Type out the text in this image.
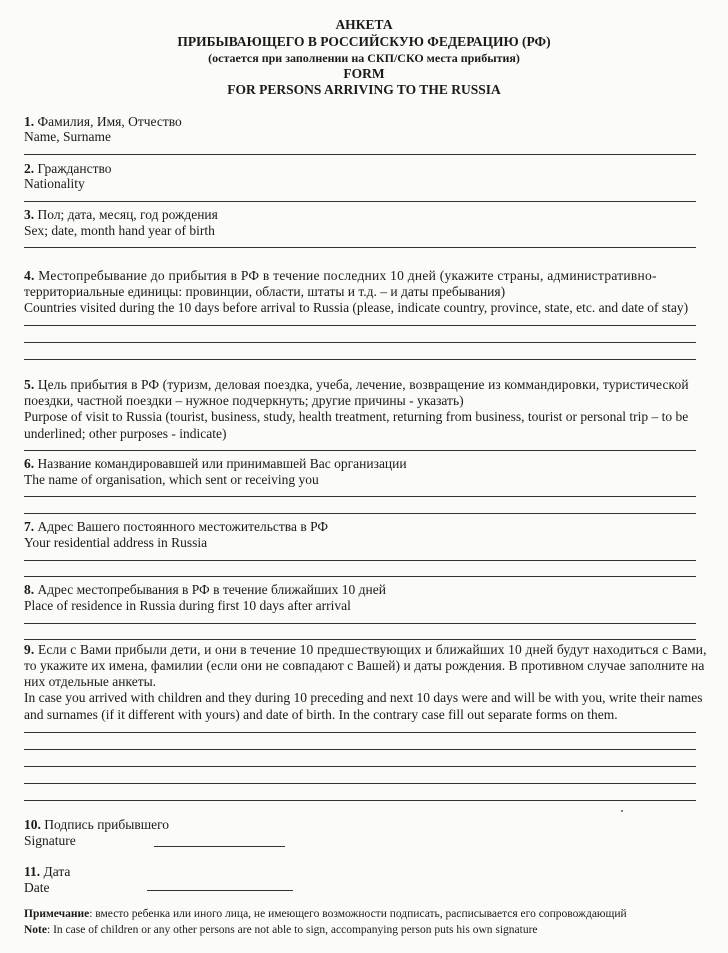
АНКЕТА
ПРИБЫВАЮЩЕГО В РОССИЙСКУЮ ФЕДЕРАЦИЮ (РФ)
(остается при заполнении на СКП/СКО места прибытия)
FORM
FOR PERSONS ARRIVING TO THE RUSSIA
1. Фамилия, Имя, Отчество
Name, Surname
2. Гражданство
Nationality
3. Пол; дата, месяц, год рождения
Sex; date, month hand year of birth
4. Местопребывание до прибытия в РФ в течение последних 10 дней (укажите страны, административно-
территориальные единицы: провинции, области, штаты и т.д. – и даты пребывания)
Countries visited during the 10 days before arrival to Russia (please, indicate country, province, state, etc. and date of stay)
5. Цель прибытия в РФ (туризм, деловая поездка, учеба, лечение, возвращение из коммандировки, туристической
поездки, частной поездки – нужное подчеркнуть; другие причины - указать)
Purpose of visit to Russia (tourist, business, study, health treatment, returning from business, tourist or personal trip – to be
underlined; other purposes - indicate)
6. Название командировавшей или принимавшей Вас организации
The name of organisation, which sent or receiving you
7. Адрес Вашего постоянного местожительства в РФ
Your residential address in Russia
8. Адрес местопребывания в РФ в течение ближайших 10 дней
Place of residence in Russia during first 10 days after arrival
9. Если с Вами прибыли дети, и они в течение 10 предшествующих и ближайших 10 дней будут находиться с Вами,
то укажите их имена, фамилии (если они не совпадают с Вашей) и даты рождения. В противном случае заполните на
них отдельные анкеты.
In case you arrived with children and they during 10 preceding and next 10 days were and will be with you, write their names
and surnames (if it different with yours) and date of birth. In the contrary case fill out separate forms on them.
10. Подпись прибывшего
Signature
11. Дата
Date
Примечание: вместо ребенка или иного лица, не имеющего возможности подписать, расписывается его сопровождающий
Note: In case of children or any other persons are not able to sign, accompanying person puts his own signature
